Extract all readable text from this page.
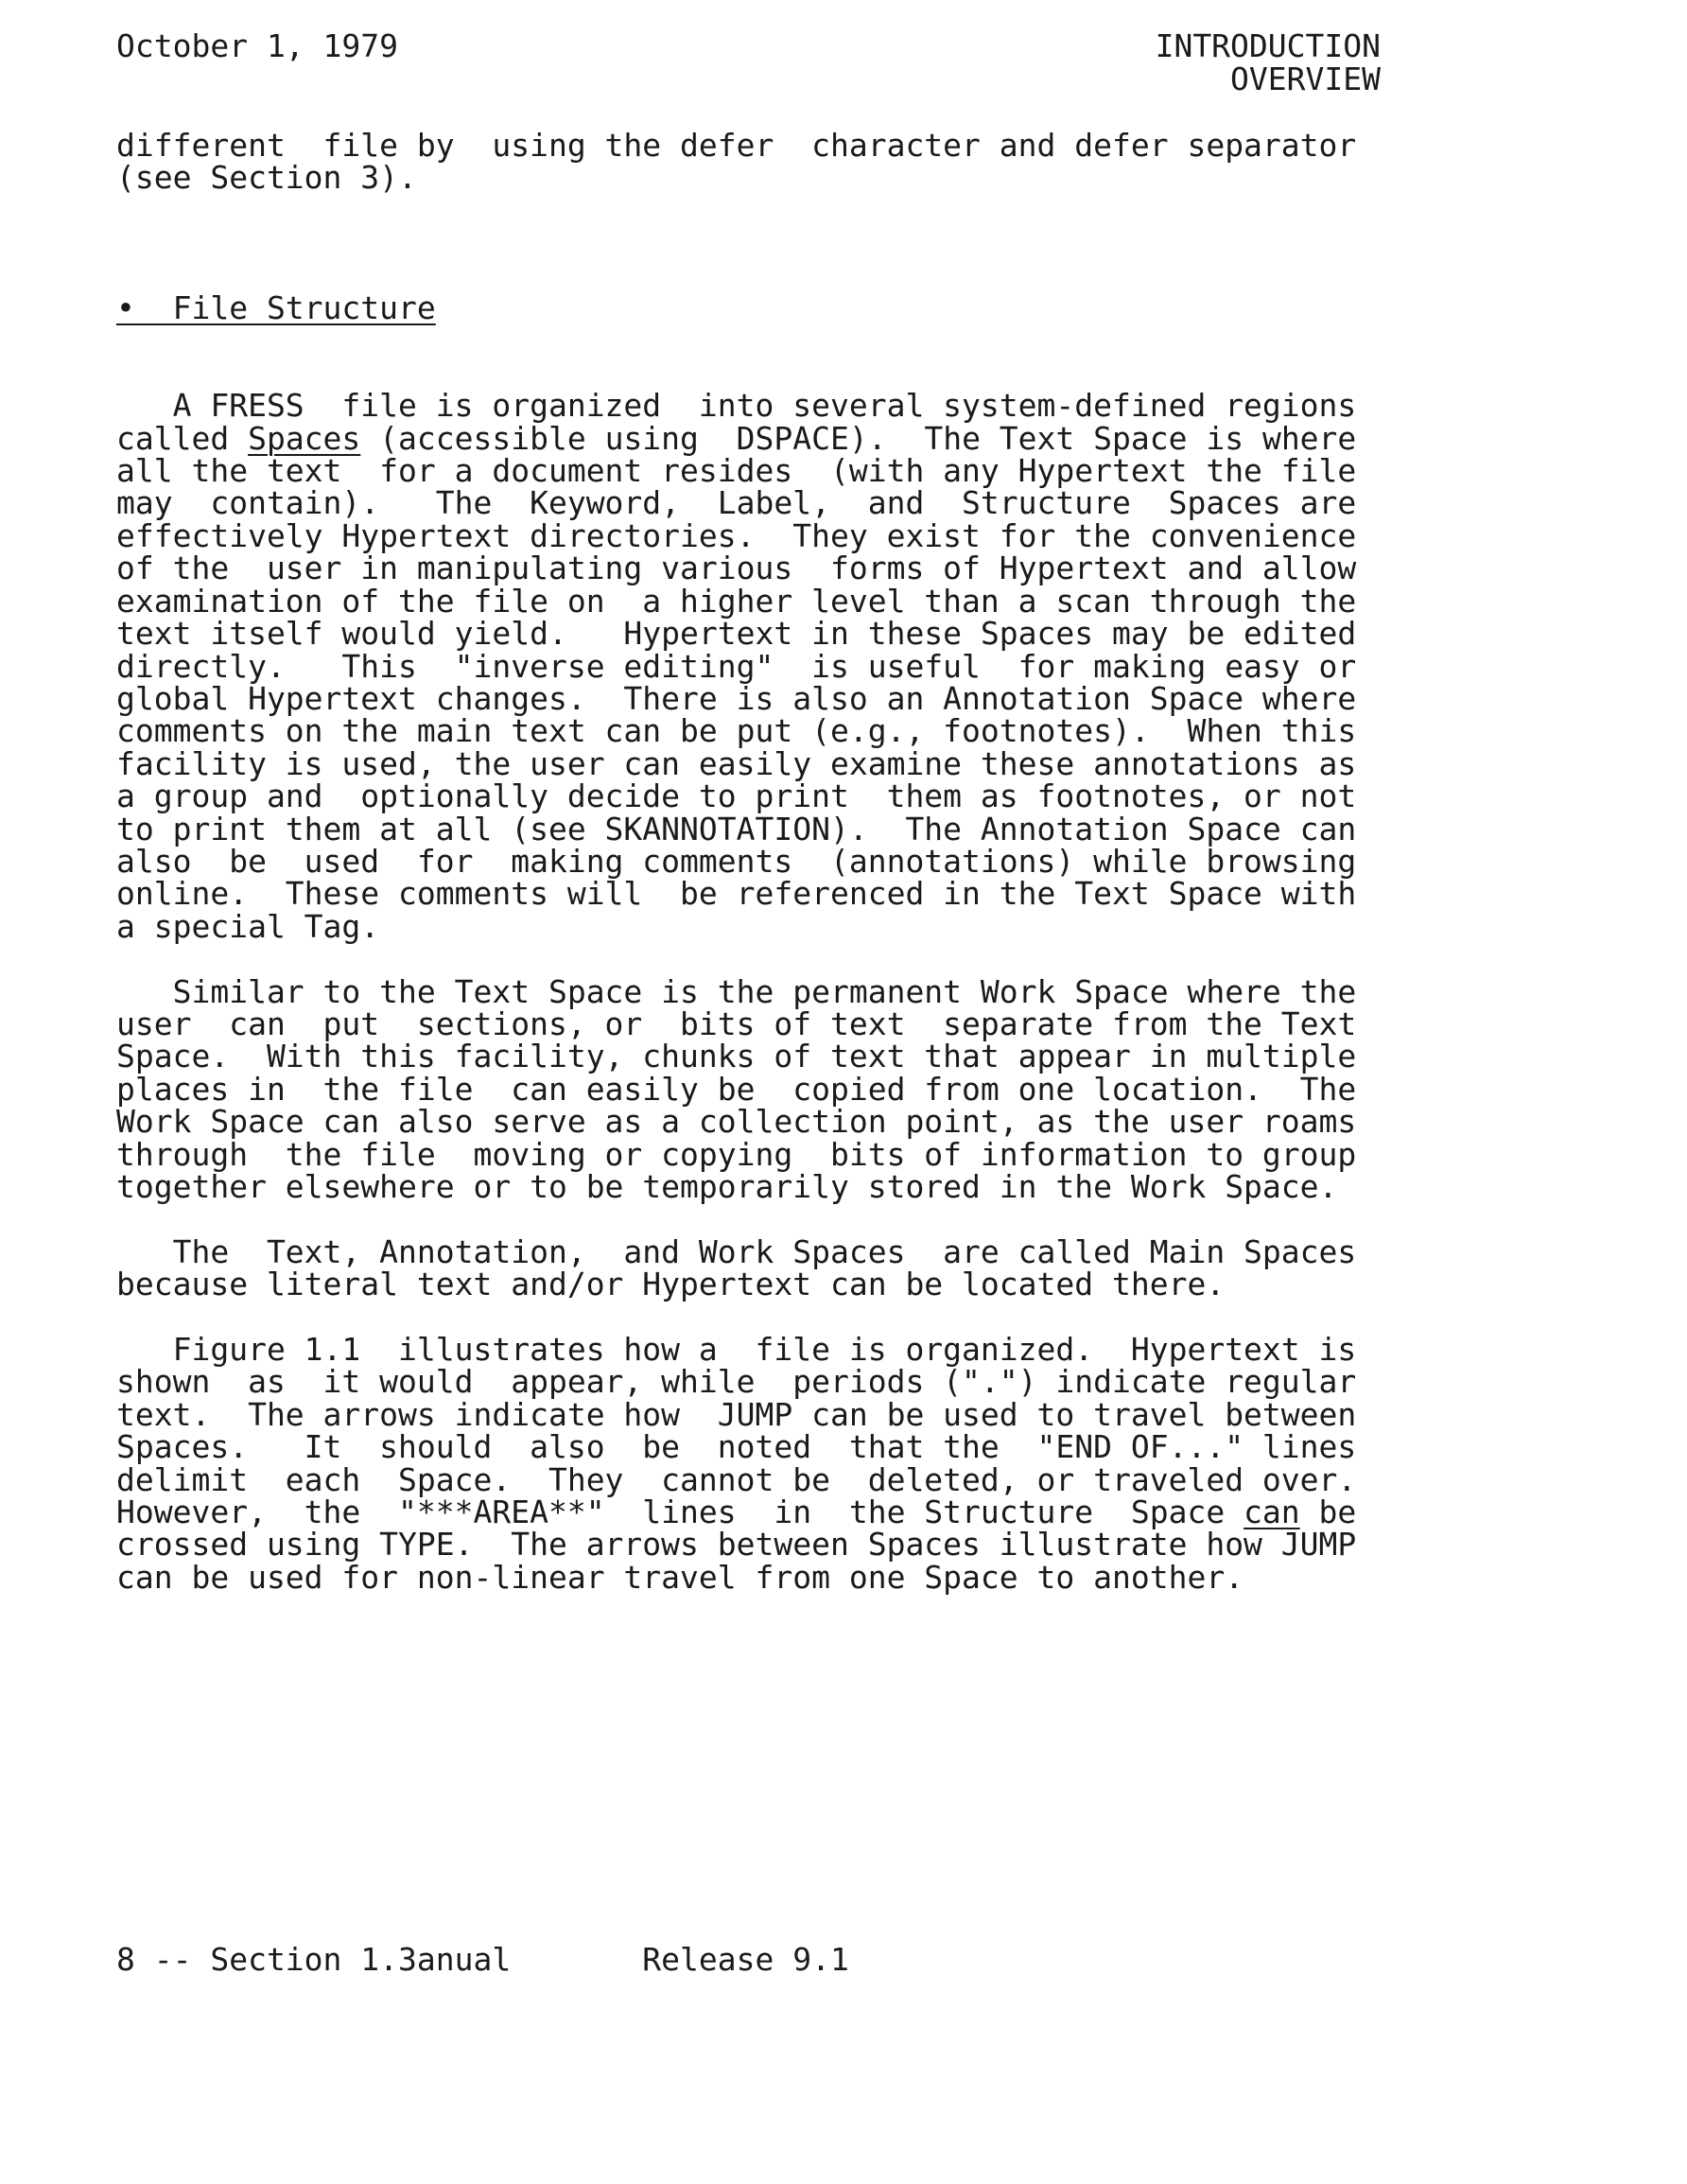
October 1, 1979	INTRODUCTION
OVERVIEW
different  file by  using the defer  character and defer separator
(see Section 3).
•  File Structure
A FRESS  file is organized  into several system-defined regions
called Spaces (accessible using  DSPACE).  The Text Space is where
all the text  for a document resides  (with any Hypertext the file
may  contain).   The  Keyword,  Label,  and  Structure  Spaces are
effectively Hypertext directories.  They exist for the convenience
of the  user in manipulating various  forms of Hypertext and allow
examination of the file on  a higher level than a scan through the
text itself would yield.   Hypertext in these Spaces may be edited
directly.   This  "inverse editing"  is useful  for making easy or
global Hypertext changes.  There is also an Annotation Space where
comments on the main text can be put (e.g., footnotes).  When this
facility is used, the user can easily examine these annotations as
a group and  optionally decide to print  them as footnotes, or not
to print them at all (see SKANNOTATION).  The Annotation Space can
also  be  used  for  making comments  (annotations) while browsing
online.  These comments will  be referenced in the Text Space with
a special Tag.
Similar to the Text Space is the permanent Work Space where the
user  can  put  sections, or  bits of text  separate from the Text
Space.  With this facility, chunks of text that appear in multiple
places in  the file  can easily be  copied from one location.  The
Work Space can also serve as a collection point, as the user roams
through  the file  moving or copying  bits of information to group
together elsewhere or to be temporarily stored in the Work Space.
The  Text, Annotation,  and Work Spaces  are called Main Spaces
because literal text and/or Hypertext can be located there.
Figure 1.1  illustrates how a  file is organized.  Hypertext is
shown  as  it would  appear, while  periods (".") indicate regular
text.  The arrows indicate how  JUMP can be used to travel between
Spaces.   It  should  also  be  noted  that the  "END OF..." lines
delimit  each  Space.  They  cannot be  deleted, or traveled over.
However,  the  "***AREA**"  lines  in  the Structure  Space can be
crossed using TYPE.  The arrows between Spaces illustrate how JUMP
can be used for non-linear travel from one Space to another.
8 -- Section 1.3anual       Release 9.1
